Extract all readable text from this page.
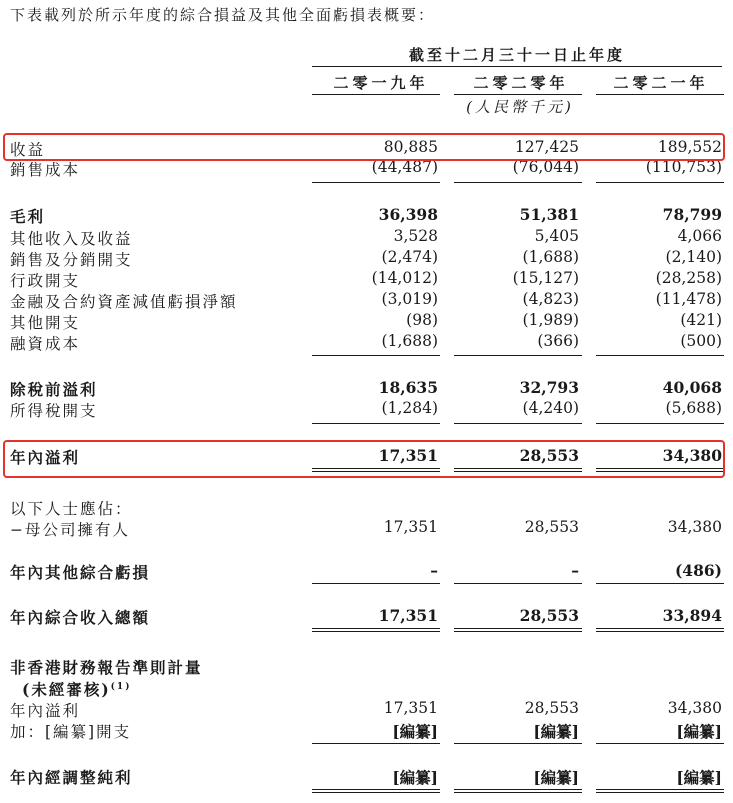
下表載列於所示年度的綜合損益及其他全面虧損表概要：
截至十二月三十一日止年度
二零一九年	二零二零年	二零二一年
(人民幣千元)
收益	80,885	127,425	189,552
銷售成本	(44,487)	(76,044)	(110,753)
毛利	36,398	51,381	78,799
其他收入及收益	3,528	5,405	4,066
銷售及分銷開支	(2,474)	(1,688)	(2,140)
行政開支	(14,012)	(15,127)	(28,258)
金融及合約資產減值虧損淨額	(3,019)	(4,823)	(11,478)
其他開支	(98)	(1,989)	(421)
融資成本	(1,688)	(366)	(500)
除稅前溢利	18,635	32,793	40,068
所得稅開支	(1,284)	(4,240)	(5,688)
年內溢利	17,351	28,553	34,380
以下人士應佔：
−母公司擁有人	17,351	28,553	34,380
年內其他綜合虧損	–	–	(486)
年內綜合收入總額	17,351	28,553	33,894
非香港財務報告準則計量
(未經審核)$^{(1)}$
年內溢利	17,351	28,553	34,380
加：[編纂]開支	[編纂]	[編纂]	[編纂]
年內經調整純利	[編纂]	[編纂]	[編纂]
